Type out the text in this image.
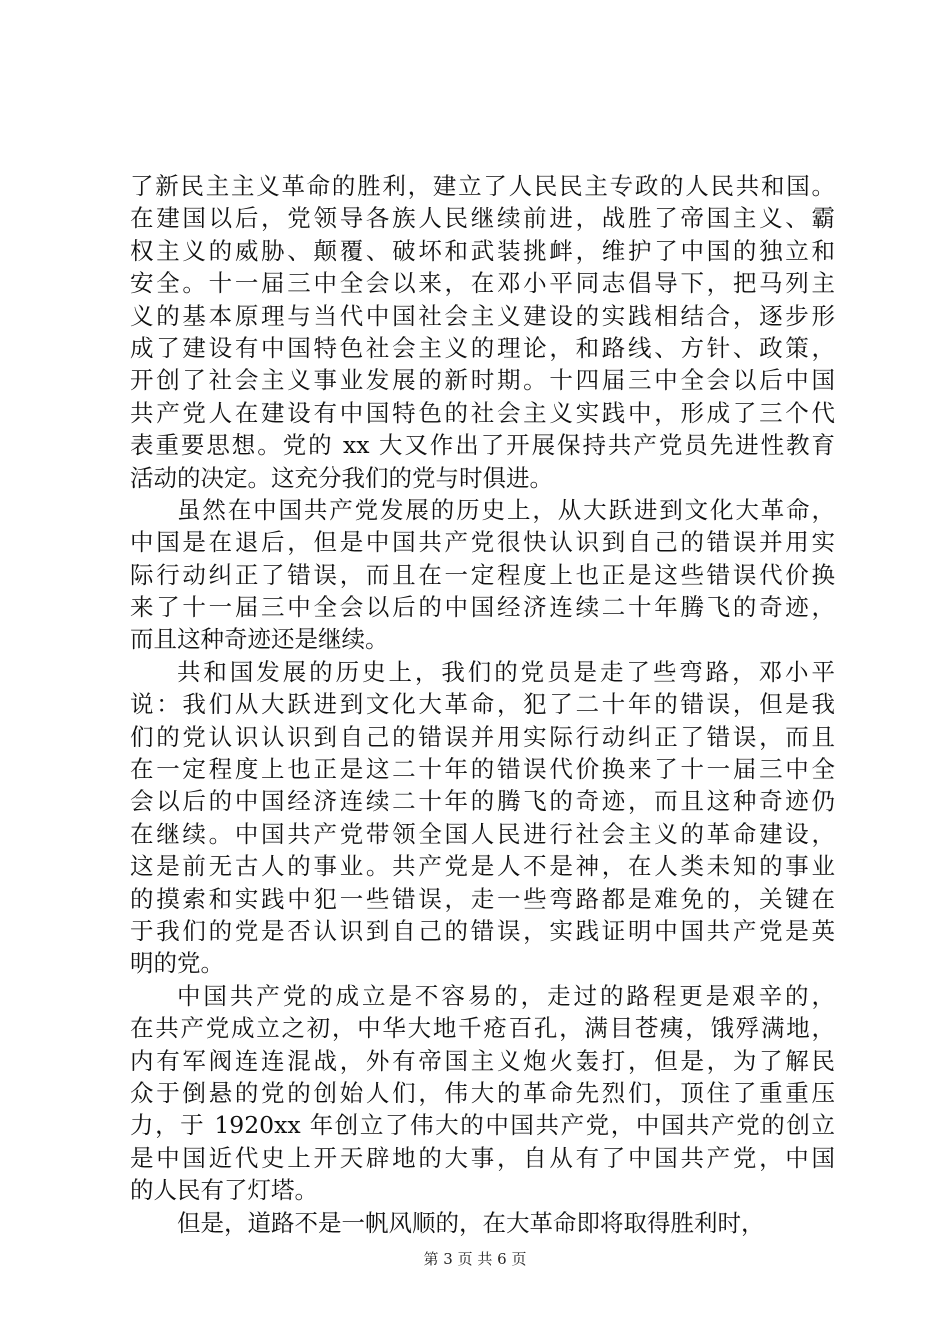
了新民主主义革命的胜利，建立了人民民主专政的人民共和国。
在建国以后，党领导各族人民继续前进，战胜了帝国主义、霸
权主义的威胁、颠覆、破坏和武装挑衅，维护了中国的独立和
安全。十一届三中全会以来，在邓小平同志倡导下，把马列主
义的基本原理与当代中国社会主义建设的实践相结合，逐步形
成了建设有中国特色社会主义的理论，和路线、方针、政策，
开创了社会主义事业发展的新时期。十四届三中全会以后中国
共产党人在建设有中国特色的社会主义实践中，形成了三个代
表重要思想。党的 xx 大又作出了开展保持共产党员先进性教育
活动的决定。这充分我们的党与时俱进。
虽然在中国共产党发展的历史上，从大跃进到文化大革命，
中国是在退后，但是中国共产党很快认识到自己的错误并用实
际行动纠正了错误，而且在一定程度上也正是这些错误代价换
来了十一届三中全会以后的中国经济连续二十年腾飞的奇迹，
而且这种奇迹还是继续。
共和国发展的历史上，我们的党员是走了些弯路，邓小平
说：我们从大跃进到文化大革命，犯了二十年的错误，但是我
们的党认识认识到自己的错误并用实际行动纠正了错误，而且
在一定程度上也正是这二十年的错误代价换来了十一届三中全
会以后的中国经济连续二十年的腾飞的奇迹，而且这种奇迹仍
在继续。中国共产党带领全国人民进行社会主义的革命建设，
这是前无古人的事业。共产党是人不是神，在人类未知的事业
的摸索和实践中犯一些错误，走一些弯路都是难免的，关键在
于我们的党是否认识到自己的错误，实践证明中国共产党是英
明的党。
中国共产党的成立是不容易的，走过的路程更是艰辛的，
在共产党成立之初，中华大地千疮百孔，满目苍痍，饿殍满地，
内有军阀连连混战，外有帝国主义炮火轰打，但是，为了解民
众于倒悬的党的创始人们，伟大的革命先烈们，顶住了重重压
力，于 1920xx 年创立了伟大的中国共产党，中国共产党的创立
是中国近代史上开天辟地的大事，自从有了中国共产党，中国
的人民有了灯塔。
但是，道路不是一帆风顺的，在大革命即将取得胜利时，
第 3 页 共 6 页
